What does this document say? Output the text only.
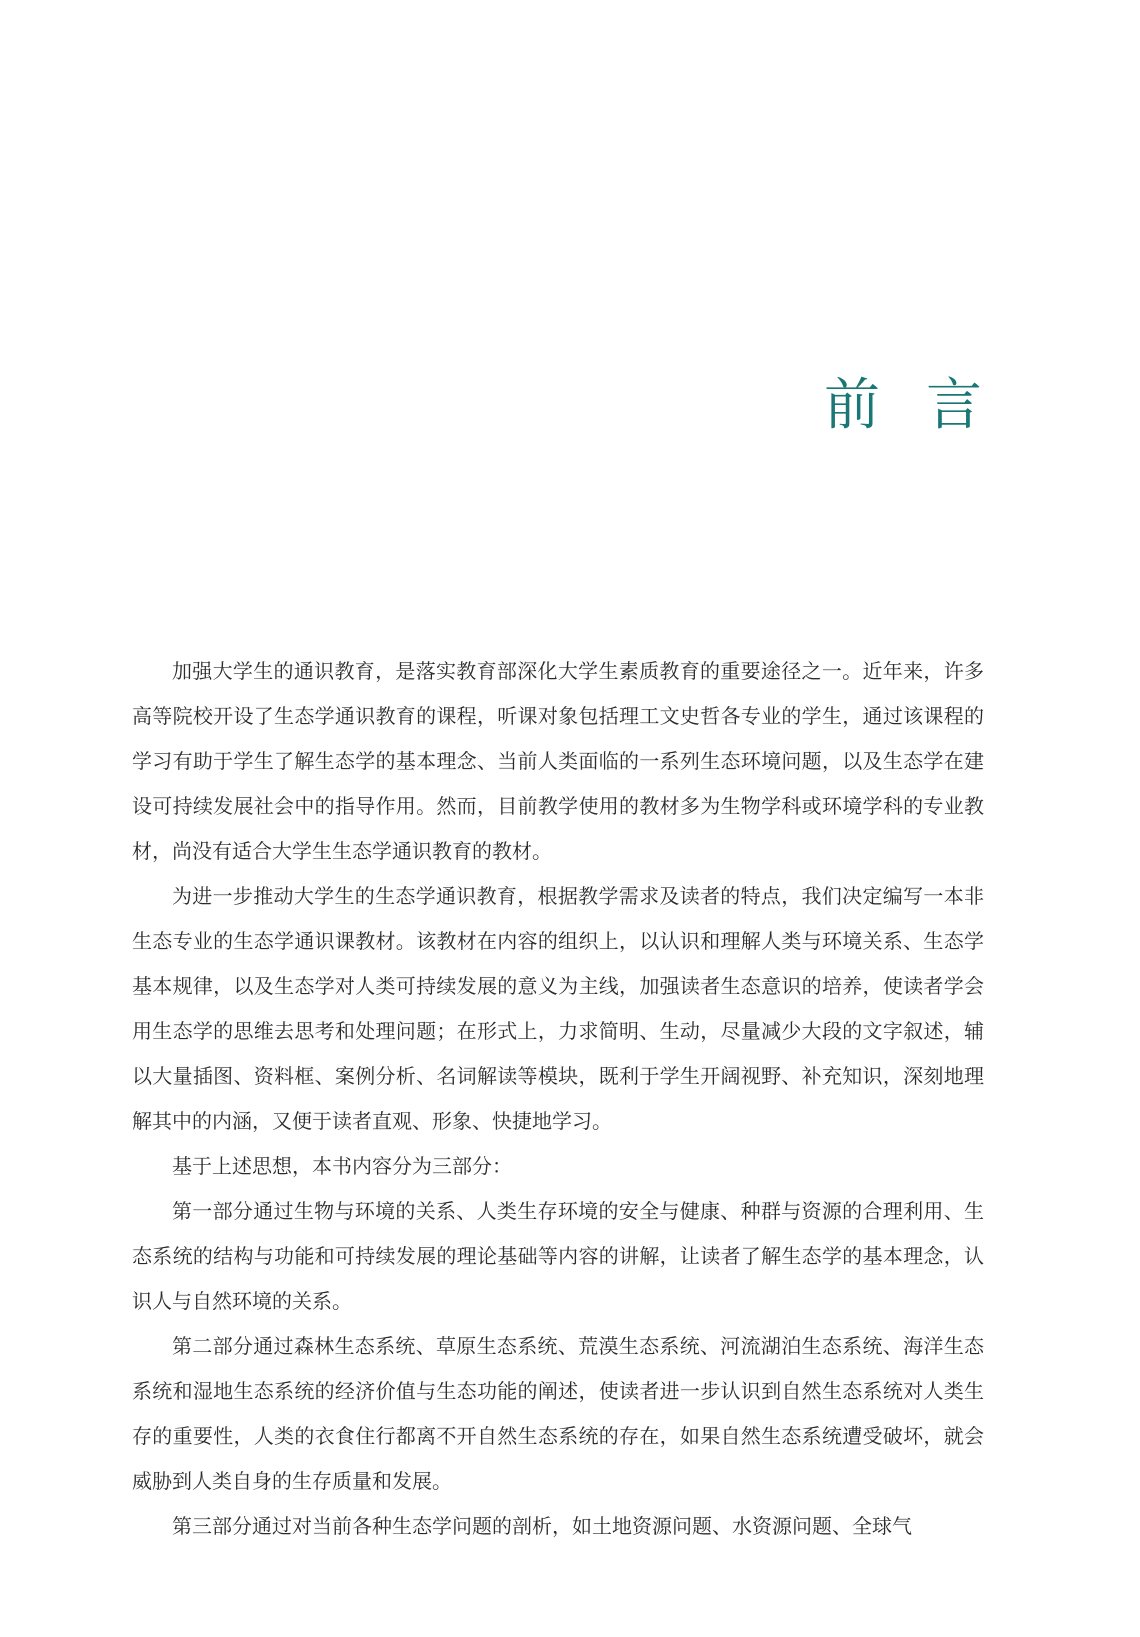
前言

加强大学生的通识教育，是落实教育部深化大学生素质教育的重要途径之一。近年来，许多高等院校开设了生态学通识教育的课程，听课对象包括理工文史哲各专业的学生，通过该课程的学习有助于学生了解生态学的基本理念、当前人类面临的一系列生态环境问题，以及生态学在建设可持续发展社会中的指导作用。然而，目前教学使用的教材多为生物学科或环境学科的专业教材，尚没有适合大学生生态学通识教育的教材。

为进一步推动大学生的生态学通识教育，根据教学需求及读者的特点，我们决定编写一本非生态专业的生态学通识课教材。该教材在内容的组织上，以认识和理解人类与环境关系、生态学基本规律，以及生态学对人类可持续发展的意义为主线，加强读者生态意识的培养，使读者学会用生态学的思维去思考和处理问题；在形式上，力求简明、生动，尽量减少大段的文字叙述，辅以大量插图、资料框、案例分析、名词解读等模块，既利于学生开阔视野、补充知识，深刻地理解其中的内涵，又便于读者直观、形象、快捷地学习。

基于上述思想，本书内容分为三部分：

第一部分通过生物与环境的关系、人类生存环境的安全与健康、种群与资源的合理利用、生态系统的结构与功能和可持续发展的理论基础等内容的讲解，让读者了解生态学的基本理念，认识人与自然环境的关系。

第二部分通过森林生态系统、草原生态系统、荒漠生态系统、河流湖泊生态系统、海洋生态系统和湿地生态系统的经济价值与生态功能的阐述，使读者进一步认识到自然生态系统对人类生存的重要性，人类的衣食住行都离不开自然生态系统的存在，如果自然生态系统遭受破坏，就会威胁到人类自身的生存质量和发展。

第三部分通过对当前各种生态学问题的剖析，如土地资源问题、水资源问题、全球气
